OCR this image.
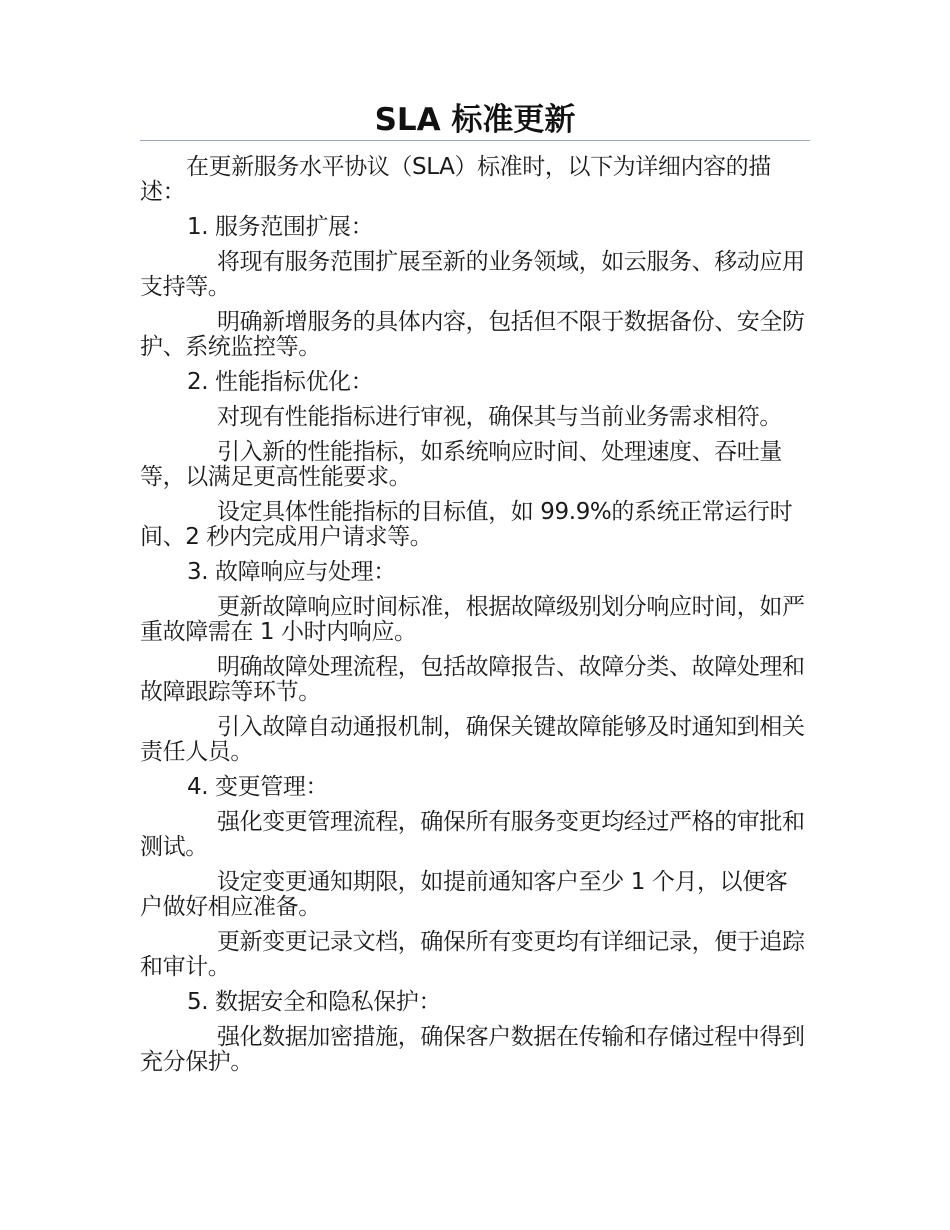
SLA 标准更新

在更新服务水平协议（SLA）标准时，以下为详细内容的描述：

1. 服务范围扩展：

将现有服务范围扩展至新的业务领域，如云服务、移动应用支持等。

明确新增服务的具体内容，包括但不限于数据备份、安全防护、系统监控等。

2. 性能指标优化：

对现有性能指标进行审视，确保其与当前业务需求相符。

引入新的性能指标，如系统响应时间、处理速度、吞吐量等，以满足更高性能要求。

设定具体性能指标的目标值，如 99.9%的系统正常运行时间、2 秒内完成用户请求等。

3. 故障响应与处理：

更新故障响应时间标准，根据故障级别划分响应时间，如严重故障需在 1 小时内响应。

明确故障处理流程，包括故障报告、故障分类、故障处理和故障跟踪等环节。

引入故障自动通报机制，确保关键故障能够及时通知到相关责任人员。

4. 变更管理：

强化变更管理流程，确保所有服务变更均经过严格的审批和测试。

设定变更通知期限，如提前通知客户至少 1 个月，以便客户做好相应准备。

更新变更记录文档，确保所有变更均有详细记录，便于追踪和审计。

5. 数据安全和隐私保护：

强化数据加密措施，确保客户数据在传输和存储过程中得到充分保护。
